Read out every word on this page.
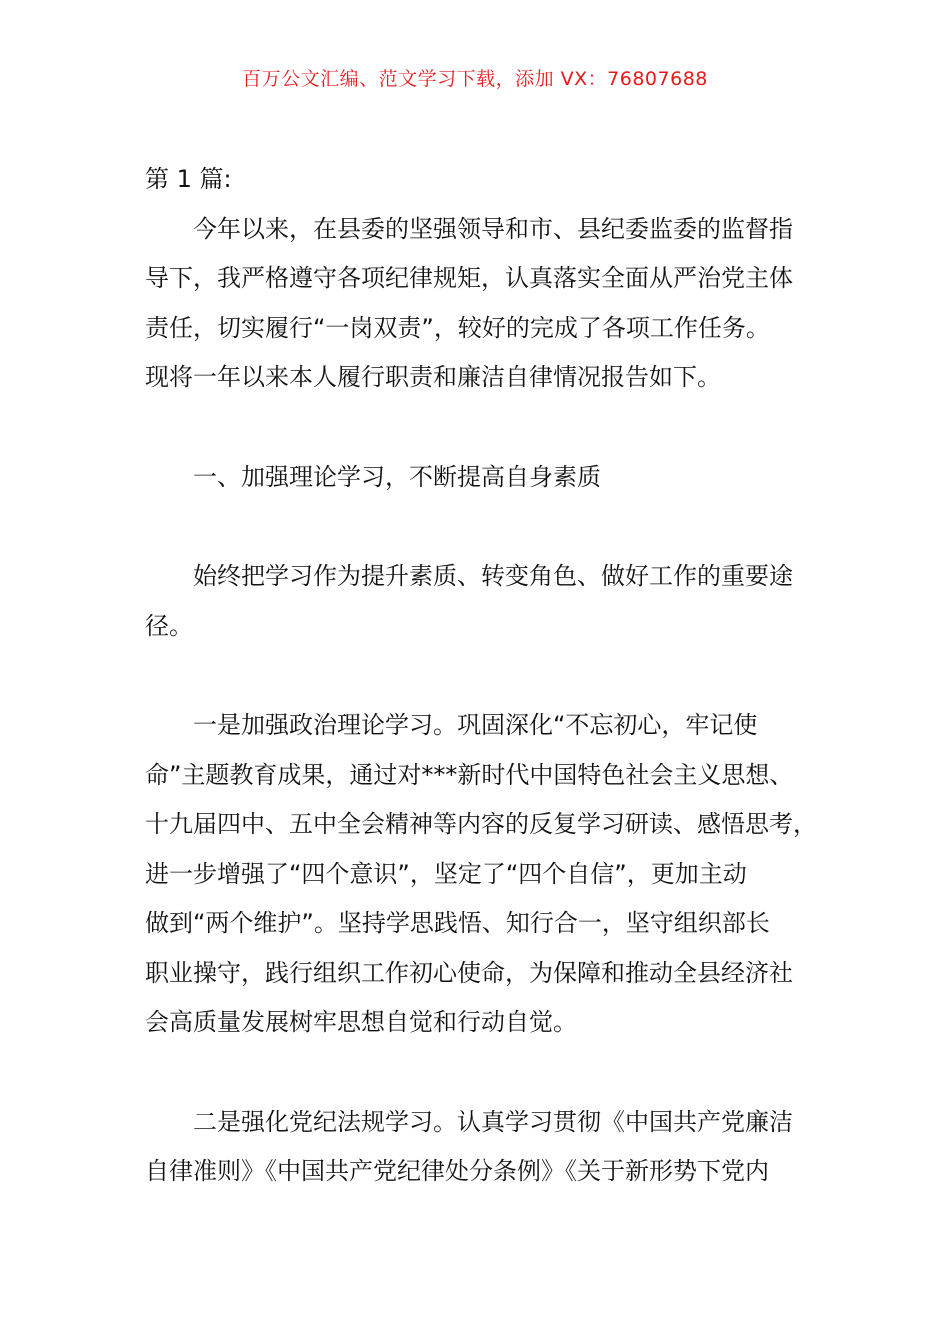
百万公文汇编、范文学习下载，添加 VX：76807688

第 1 篇:

今年以来，在县委的坚强领导和市、县纪委监委的监督指

导下，我严格遵守各项纪律规矩，认真落实全面从严治党主体

责任，切实履行“一岗双责”，较好的完成了各项工作任务。

现将一年以来本人履行职责和廉洁自律情况报告如下。

一、加强理论学习，不断提高自身素质

始终把学习作为提升素质、转变角色、做好工作的重要途

径。

一是加强政治理论学习。巩固深化“不忘初心，牢记使

命”主题教育成果，通过对***新时代中国特色社会主义思想、

十九届四中、五中全会精神等内容的反复学习研读、感悟思考，

进一步增强了“四个意识”，坚定了“四个自信”，更加主动

做到“两个维护”。坚持学思践悟、知行合一，坚守组织部长

职业操守，践行组织工作初心使命，为保障和推动全县经济社

会高质量发展树牢思想自觉和行动自觉。

二是强化党纪法规学习。认真学习贯彻《中国共产党廉洁

自律准则》《中国共产党纪律处分条例》《关于新形势下党内
